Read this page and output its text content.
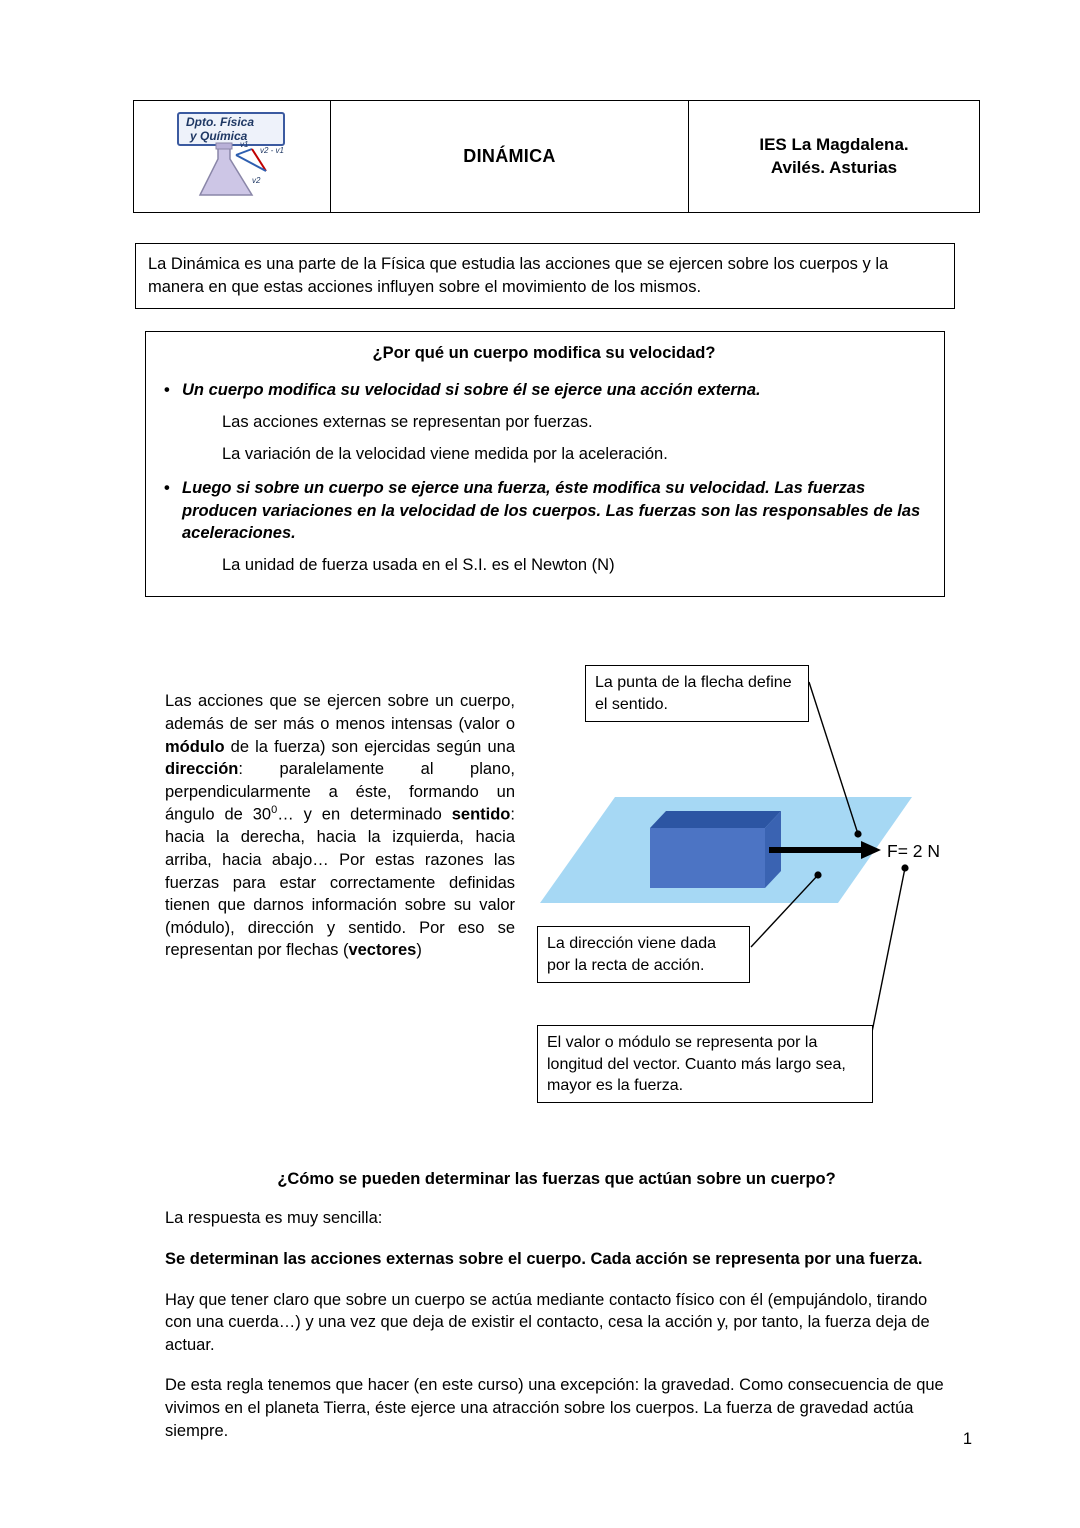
Dpto. Física
y Química
v1
v2 - v1
v2
DINÁMICA
IES La Magdalena.
Avilés. Asturias
La Dinámica es una parte de la Física que estudia las acciones que se ejercen sobre los cuerpos y la manera en que estas acciones influyen sobre el movimiento de los mismos.
¿Por qué un cuerpo modifica su velocidad?
• Un cuerpo modifica su velocidad si sobre él se ejerce una acción externa.
Las acciones externas se representan por fuerzas.
La variación de la velocidad viene medida por la aceleración.
• Luego si sobre un cuerpo se ejerce una fuerza, éste modifica su velocidad. Las fuerzas producen variaciones en la velocidad de los cuerpos. Las fuerzas son las responsables de las aceleraciones.
La unidad de fuerza usada en el S.I. es el Newton (N)
Las acciones que se ejercen sobre un cuerpo, además de ser más o menos intensas (valor o módulo de la fuerza) son ejercidas según una dirección: paralelamente al plano, perpendicularmente a éste, formando un ángulo de $30^0\dots$ y en determinado sentido: hacia la derecha, hacia la izquierda, hacia arriba, hacia abajo… Por estas razones las fuerzas para estar correctamente definidas tienen que darnos información sobre su valor (módulo), dirección y sentido. Por eso se representan por flechas (vectores)
F= 2 N
La punta de la flecha define el sentido.
La dirección viene dada por la recta de acción.
El valor o módulo se representa por la longitud del vector. Cuanto más largo sea, mayor es la fuerza.
¿Cómo se pueden determinar las fuerzas que actúan sobre un cuerpo?
La respuesta es muy sencilla:
Se determinan las acciones externas sobre el cuerpo. Cada acción se representa por una fuerza.
Hay que tener claro que sobre un cuerpo se actúa mediante contacto físico con él (empujándolo, tirando con una cuerda…) y una vez que deja de existir el contacto, cesa la acción y, por tanto, la fuerza deja de actuar.
De esta regla tenemos que hacer (en este curso) una excepción: la gravedad. Como consecuencia de que vivimos en el planeta Tierra, éste ejerce una atracción sobre los cuerpos. La fuerza de gravedad actúa siempre.	1
